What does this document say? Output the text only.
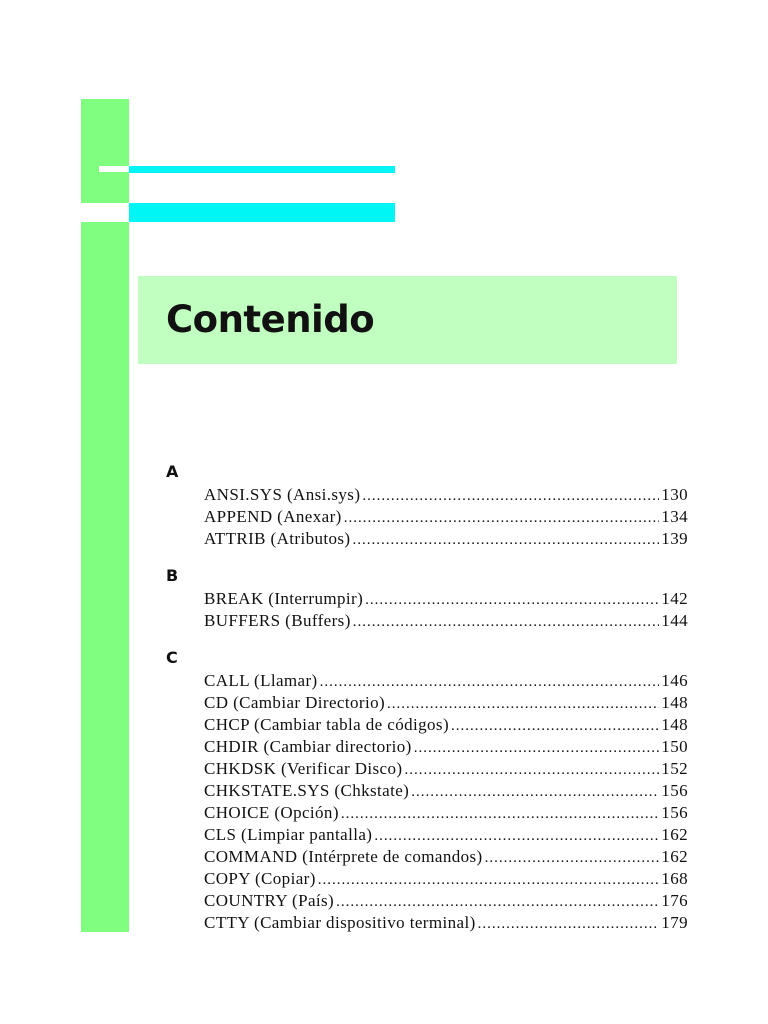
Contenido
A
ANSI.SYS (Ansi.sys) .....	130
APPEND (Anexar) .....	134
ATTRIB (Atributos) .....	139
B
BREAK (Interrumpir) .....	142
BUFFERS (Buffers) .....	144
C
CALL (Llamar) .....	146
CD (Cambiar Directorio) .....	148
CHCP (Cambiar tabla de códigos) .....	148
CHDIR (Cambiar directorio) .....	150
CHKDSK (Verificar Disco) .....	152
CHKSTATE.SYS (Chkstate) .....	156
CHOICE (Opción) .....	156
CLS (Limpiar pantalla) .....	162
COMMAND (Intérprete de comandos) .....	162
COPY (Copiar) .....	168
COUNTRY (País) .....	176
CTTY (Cambiar dispositivo terminal) .....	179
